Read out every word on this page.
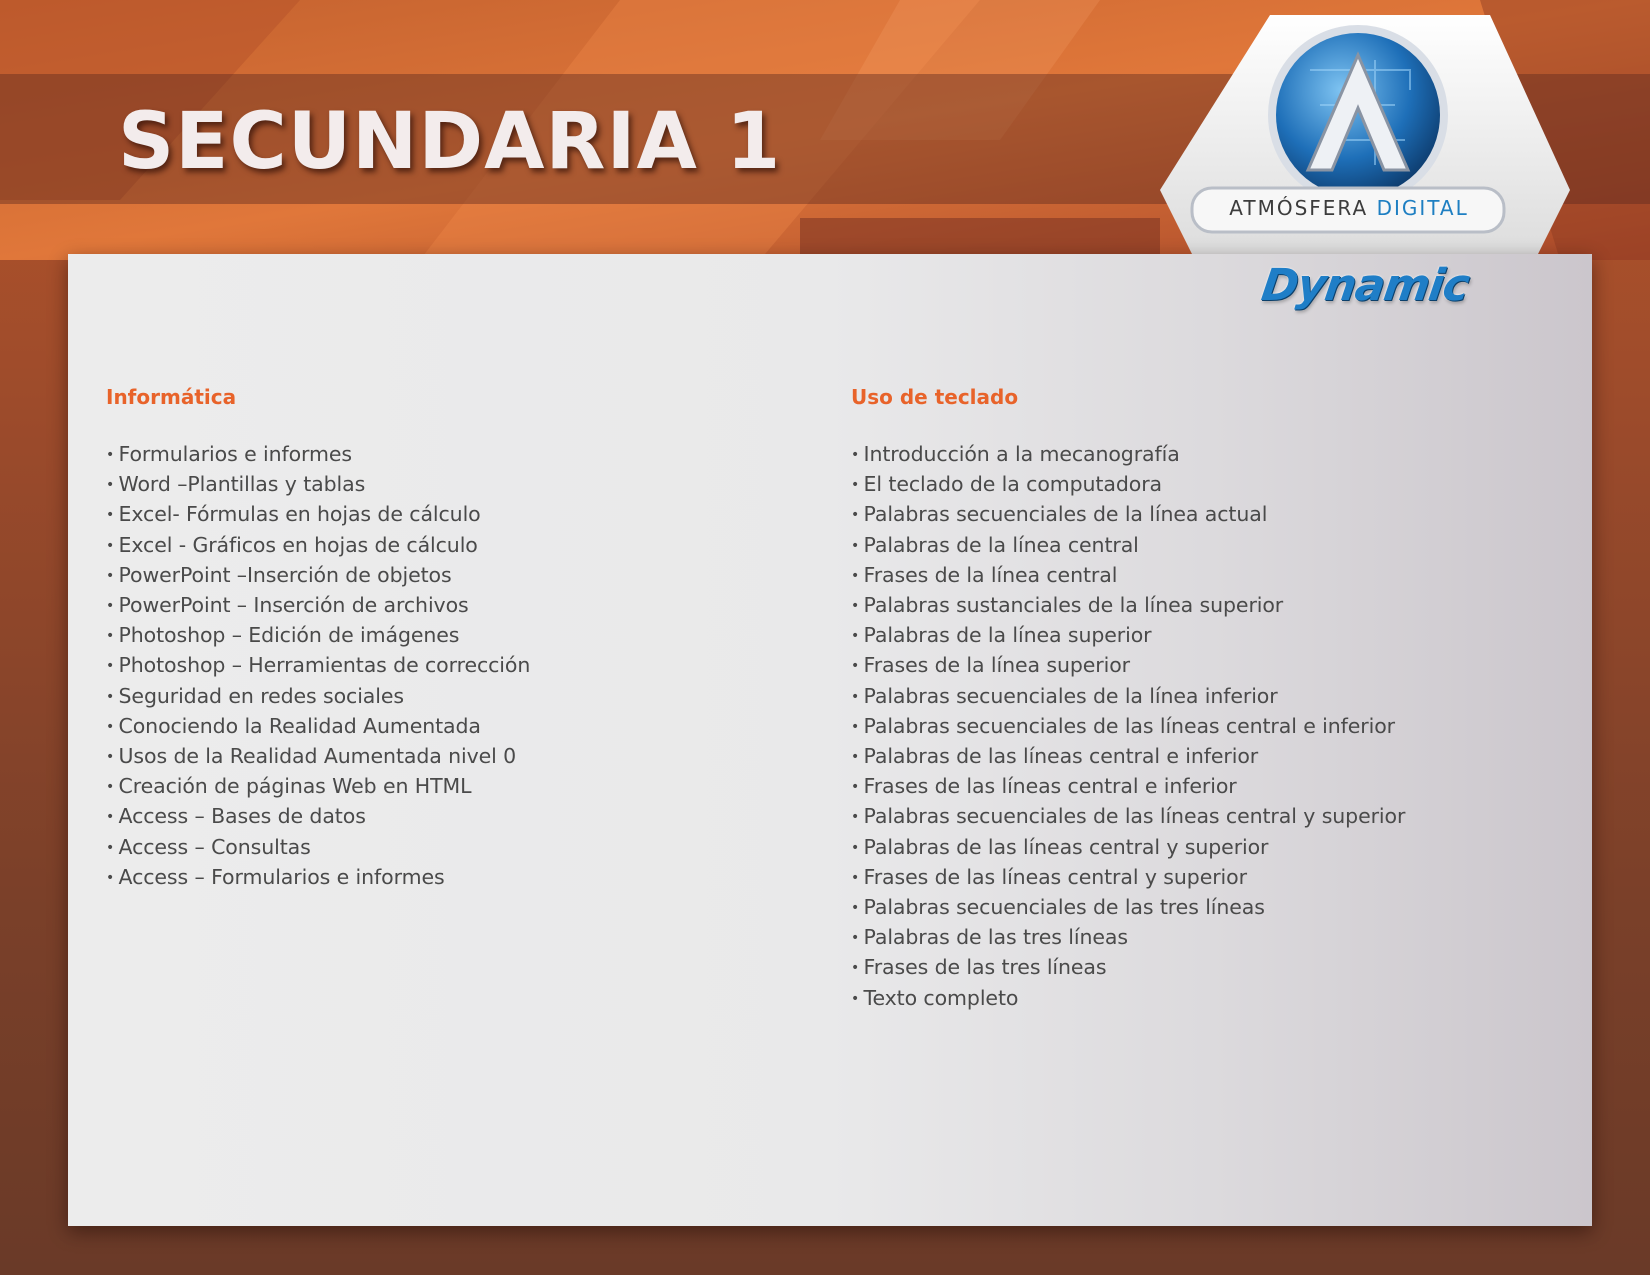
SECUNDARIA 1
ATMÓSFERA DIGITAL
Dynamic
Informática
• Formularios e informes
• Word –Plantillas y tablas
• Excel- Fórmulas en hojas de cálculo
• Excel - Gráficos en hojas de cálculo
• PowerPoint –Inserción de objetos
• PowerPoint – Inserción de archivos
• Photoshop – Edición de imágenes
• Photoshop – Herramientas de corrección
• Seguridad en redes sociales
• Conociendo la Realidad Aumentada
• Usos de la Realidad Aumentada nivel 0
• Creación de páginas Web en HTML
• Access – Bases de datos
• Access – Consultas
• Access – Formularios e informes
Uso de teclado
• Introducción a la mecanografía
• El teclado de la computadora
• Palabras secuenciales de la línea actual
• Palabras de la línea central
• Frases de la línea central
• Palabras sustanciales de la línea superior
• Palabras de la línea superior
• Frases de la línea superior
• Palabras secuenciales de la línea inferior
• Palabras secuenciales de las líneas central e inferior
• Palabras de las líneas central e inferior
• Frases de las líneas central e inferior
• Palabras secuenciales de las líneas central y superior
• Palabras de las líneas central y superior
• Frases de las líneas central y superior
• Palabras secuenciales de las tres líneas
• Palabras de las tres líneas
• Frases de las tres líneas
• Texto completo
